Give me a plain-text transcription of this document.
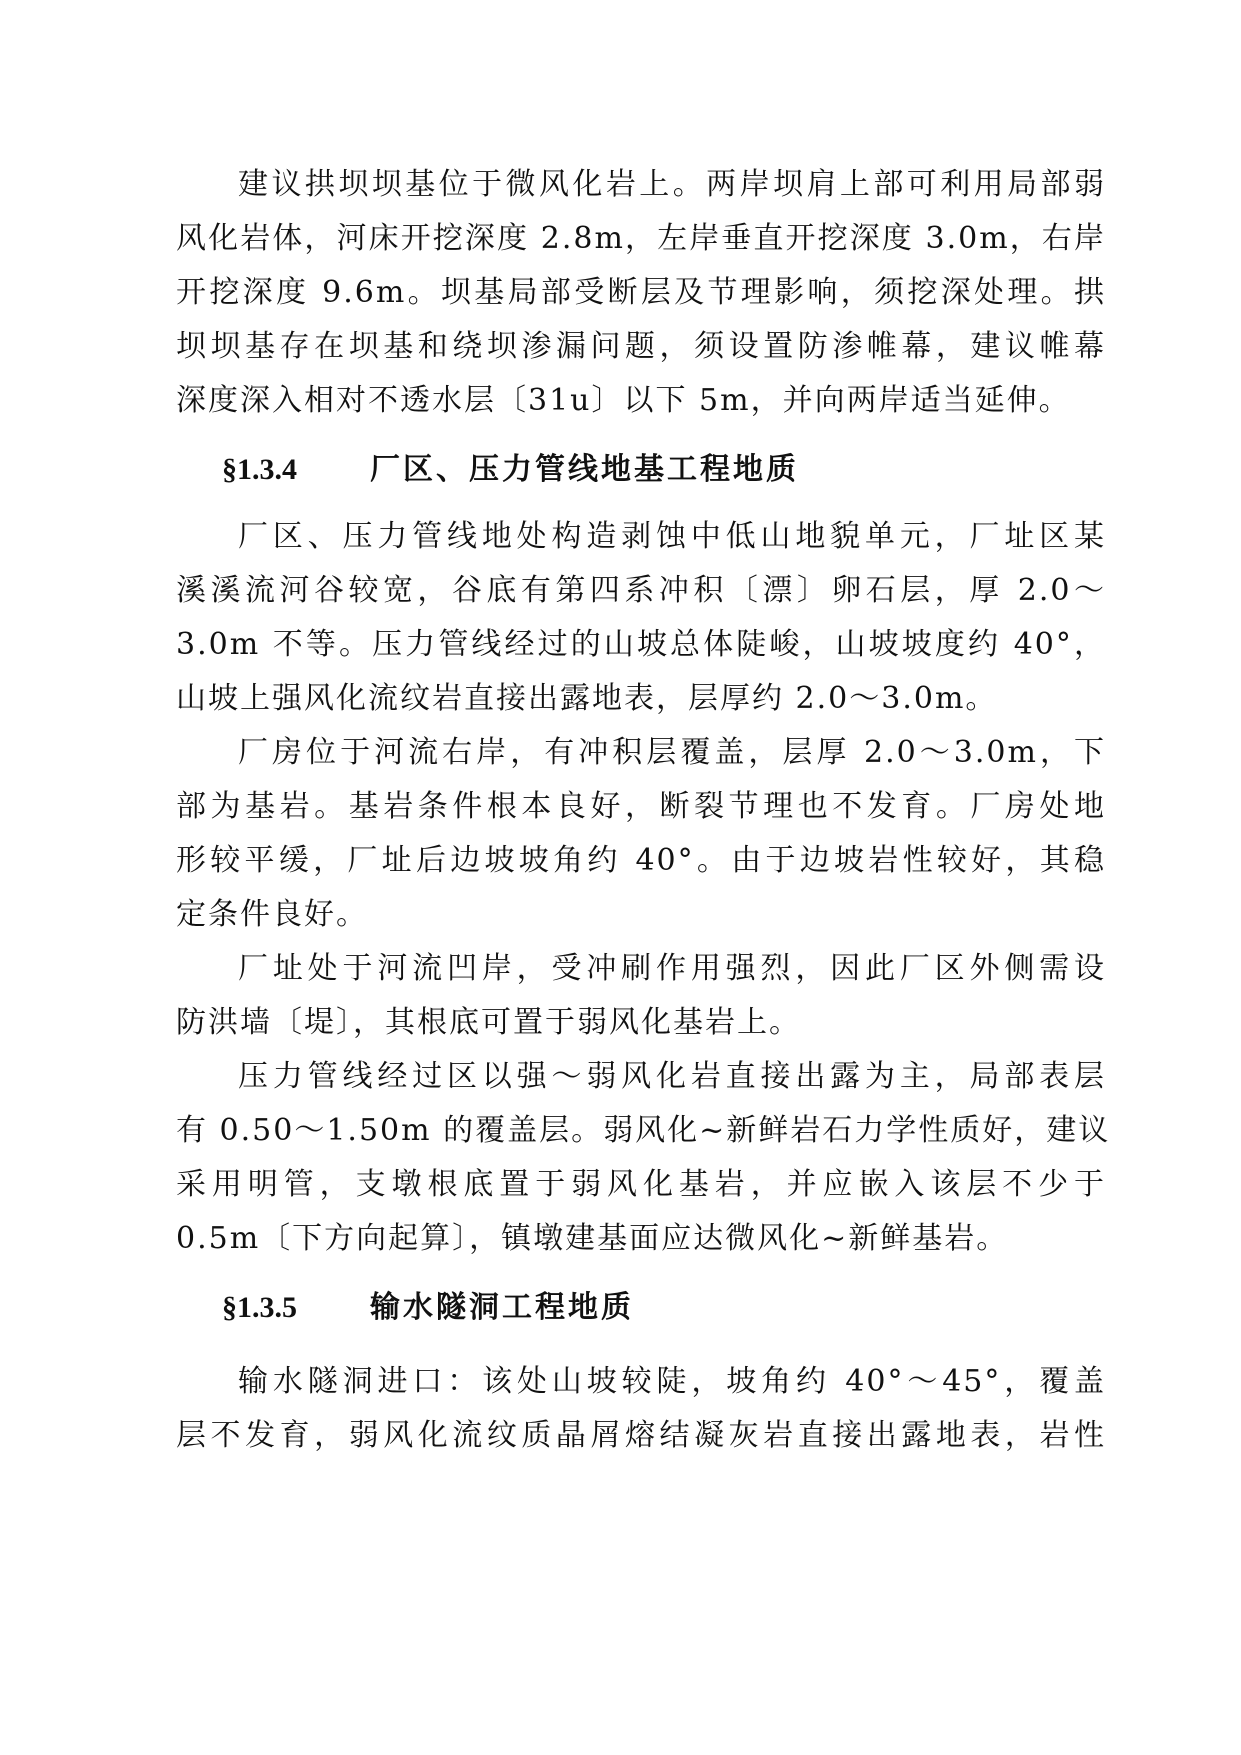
建议拱坝坝基位于微风化岩上。两岸坝肩上部可利用局部弱
风化岩体，河床开挖深度 2.8m，左岸垂直开挖深度 3.0m，右岸
开挖深度 9.6m。坝基局部受断层及节理影响，须挖深处理。拱
坝坝基存在坝基和绕坝渗漏问题，须设置防渗帷幕，建议帷幕
深度深入相对不透水层〔31u〕以下 5m，并向两岸适当延伸。
§1.3.4 厂区、压力管线地基工程地质
厂区、压力管线地处构造剥蚀中低山地貌单元，厂址区某
溪溪流河谷较宽，谷底有第四系冲积〔漂〕卵石层，厚 2.0～
3.0m 不等。压力管线经过的山坡总体陡峻，山坡坡度约 40°，
山坡上强风化流纹岩直接出露地表，层厚约 2.0～3.0m。
厂房位于河流右岸，有冲积层覆盖，层厚 2.0～3.0m，下
部为基岩。基岩条件根本良好，断裂节理也不发育。厂房处地
形较平缓，厂址后边坡坡角约 40°。由于边坡岩性较好，其稳
定条件良好。
厂址处于河流凹岸，受冲刷作用强烈，因此厂区外侧需设
防洪墙〔堤〕，其根底可置于弱风化基岩上。
压力管线经过区以强～弱风化岩直接出露为主，局部表层
有 0.50～1.50m 的覆盖层。弱风化~新鲜岩石力学性质好，建议
采用明管，支墩根底置于弱风化基岩，并应嵌入该层不少于
0.5m〔下方向起算〕，镇墩建基面应达微风化~新鲜基岩。
§1.3.5 输水隧洞工程地质
输水隧洞进口：该处山坡较陡，坡角约 40°～45°，覆盖
层不发育，弱风化流纹质晶屑熔结凝灰岩直接出露地表，岩性
